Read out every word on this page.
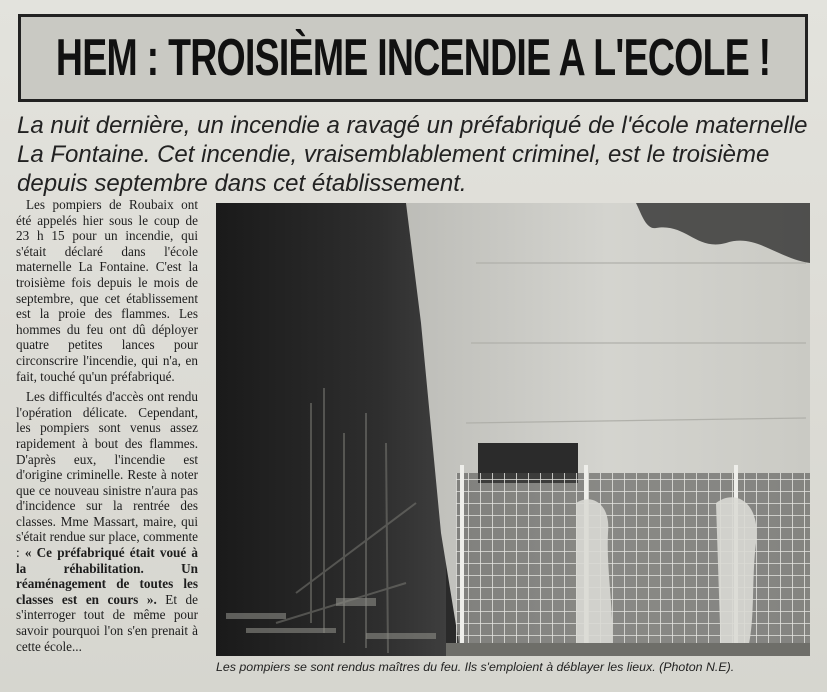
HEM : TROISIÈME INCENDIE A L'ECOLE !

La nuit dernière, un incendie a ravagé un préfabriqué de l'école maternelle La Fontaine. Cet incendie, vraisemblablement criminel, est le troisième depuis septembre dans cet établissement.

Les pompiers de Roubaix ont été appelés hier sous le coup de 23 h 15 pour un incendie, qui s'était déclaré dans l'école maternelle La Fontaine. C'est la troisième fois depuis le mois de septembre, que cet établissement est la proie des flammes. Les hommes du feu ont dû déployer quatre petites lances pour circonscrire l'incendie, qui n'a, en fait, touché qu'un préfabriqué.

Les difficultés d'accès ont rendu l'opération délicate. Cependant, les pompiers sont venus assez rapidement à bout des flammes. D'après eux, l'incendie est d'origine criminelle. Reste à noter que ce nouveau sinistre n'aura pas d'incidence sur la rentrée des classes. Mme Massart, maire, qui s'était rendue sur place, commente : « Ce préfabriqué était voué à la réhabilitation. Un réaménagement de toutes les classes est en cours ». Et de s'interroger tout de même pour savoir pourquoi l'on s'en prenait à cette école...

Les pompiers se sont rendus maîtres du feu. Ils s'emploient à déblayer les lieux. (Photon N.E).
